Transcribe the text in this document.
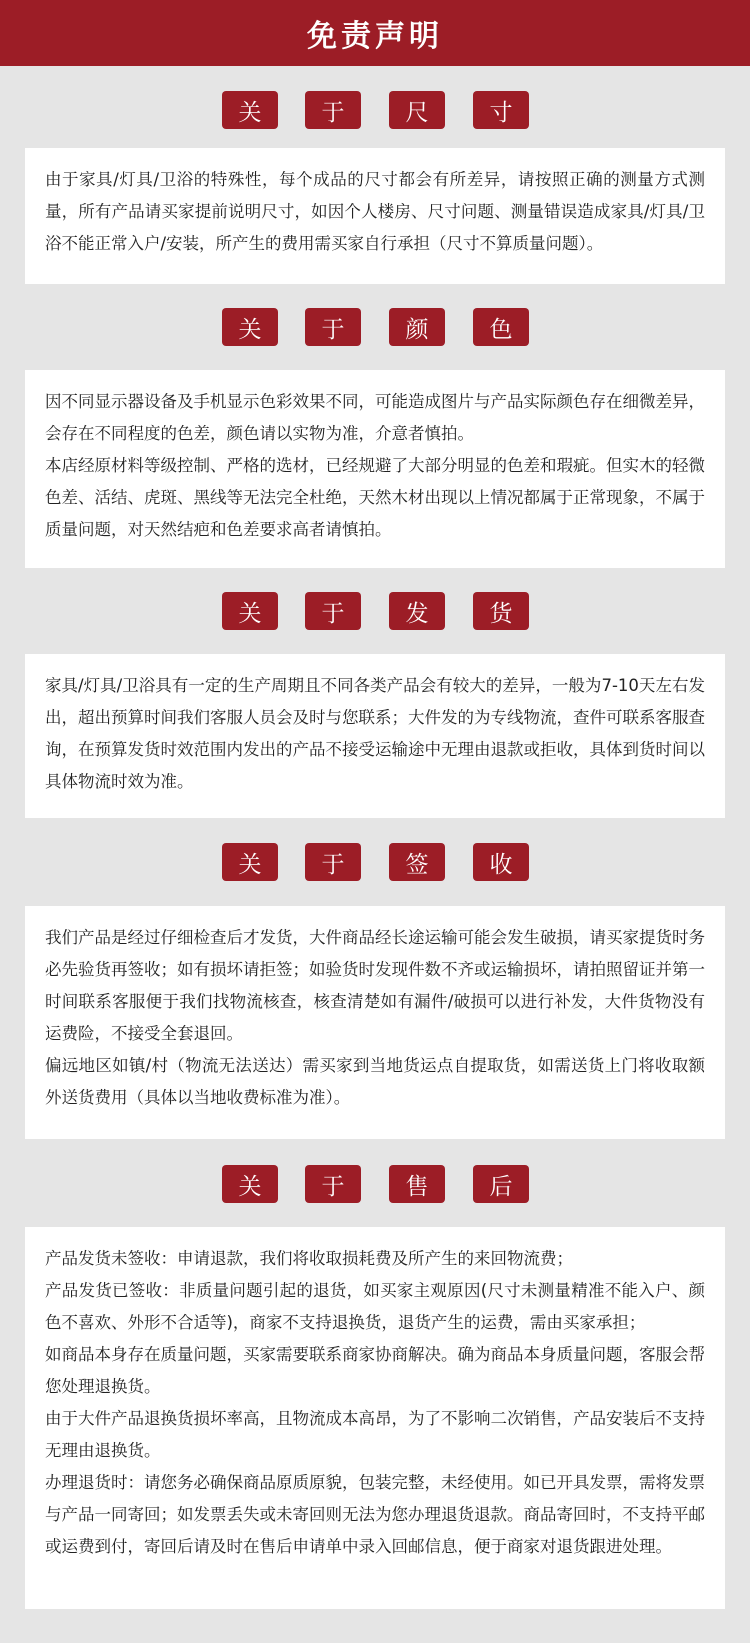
免责声明
关	于	尺	寸

由于家具/灯具/卫浴的特殊性，每个成品的尺寸都会有所差异，请按照正确的测量方式测量，所有产品请买家提前说明尺寸，如因个人楼房、尺寸问题、测量错误造成家具/灯具/卫浴不能正常入户/安装，所产生的费用需买家自行承担（尺寸不算质量问题）。

关	于	颜	色

因不同显示器设备及手机显示色彩效果不同，可能造成图片与产品实际颜色存在细微差异，会存在不同程度的色差，颜色请以实物为准，介意者慎拍。

本店经原材料等级控制、严格的选材，已经规避了大部分明显的色差和瑕疵。但实木的轻微色差、活结、虎斑、黑线等无法完全杜绝，天然木材出现以上情况都属于正常现象，不属于质量问题，对天然结疤和色差要求高者请慎拍。

关	于	发	货

家具/灯具/卫浴具有一定的生产周期且不同各类产品会有较大的差异，一般为7-10天左右发出，超出预算时间我们客服人员会及时与您联系；大件发的为专线物流，查件可联系客服查询，在预算发货时效范围内发出的产品不接受运输途中无理由退款或拒收，具体到货时间以具体物流时效为准。

关	于	签	收

我们产品是经过仔细检查后才发货，大件商品经长途运输可能会发生破损，请买家提货时务必先验货再签收；如有损坏请拒签；如验货时发现件数不齐或运输损坏，请拍照留证并第一时间联系客服便于我们找物流核查，核查清楚如有漏件/破损可以进行补发，大件货物没有运费险，不接受全套退回。

偏远地区如镇/村（物流无法送达）需买家到当地货运点自提取货，如需送货上门将收取额外送货费用（具体以当地收费标准为准）。

关	于	售	后

产品发货未签收：申请退款，我们将收取损耗费及所产生的来回物流费；

产品发货已签收：非质量问题引起的退货，如买家主观原因(尺寸未测量精准不能入户、颜色不喜欢、外形不合适等)，商家不支持退换货，退货产生的运费，需由买家承担；

如商品本身存在质量问题，买家需要联系商家协商解决。确为商品本身质量问题，客服会帮您处理退换货。

由于大件产品退换货损坏率高，且物流成本高昂，为了不影响二次销售，产品安装后不支持无理由退换货。

办理退货时：请您务必确保商品原质原貌，包装完整，未经使用。如已开具发票，需将发票与产品一同寄回；如发票丢失或未寄回则无法为您办理退货退款。商品寄回时，不支持平邮或运费到付，寄回后请及时在售后申请单中录入回邮信息，便于商家对退货跟进处理。
